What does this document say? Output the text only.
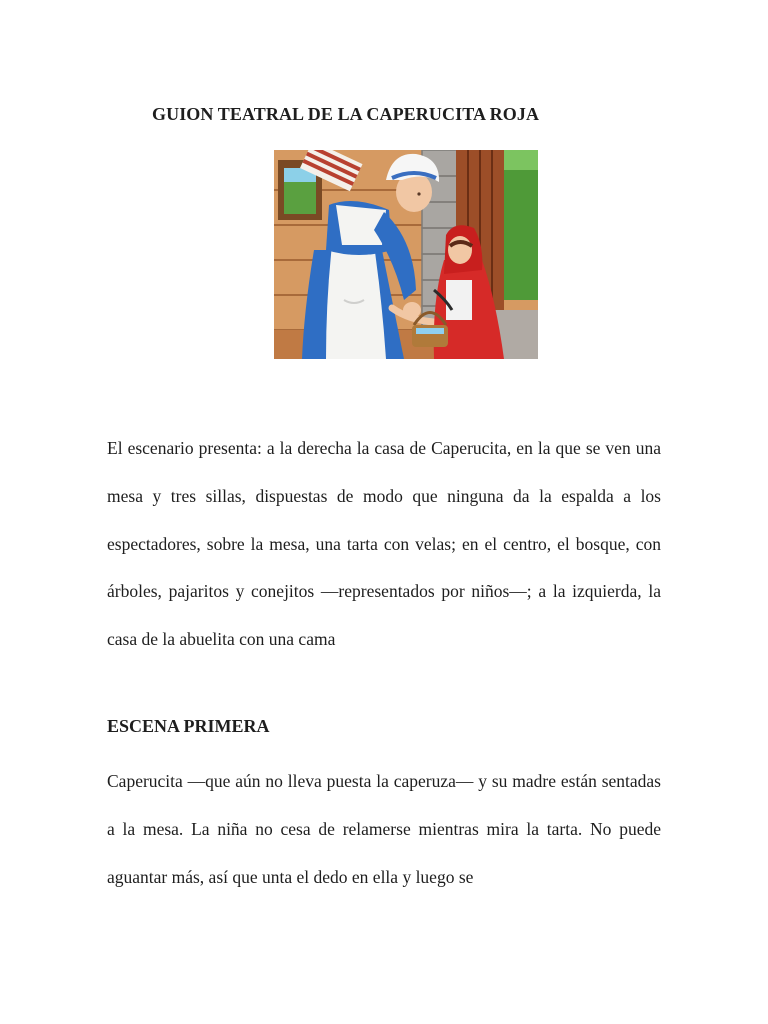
GUION TEATRAL DE LA CAPERUCITA ROJA

El escenario presenta: a la derecha la casa de Caperucita, en la que se ven una mesa y tres sillas, dispuestas de modo que ninguna da la espalda a los espectadores, sobre la mesa, una tarta con velas; en el centro, el bosque, con árboles, pajaritos y conejitos —representados por niños—; a la izquierda, la casa de la abuelita con una cama

ESCENA PRIMERA

Caperucita —que aún no lleva puesta la caperuza— y su madre están sentadas a la mesa. La niña no cesa de relamerse mientras mira la tarta. No puede aguantar más, así que unta el dedo en ella y luego se
